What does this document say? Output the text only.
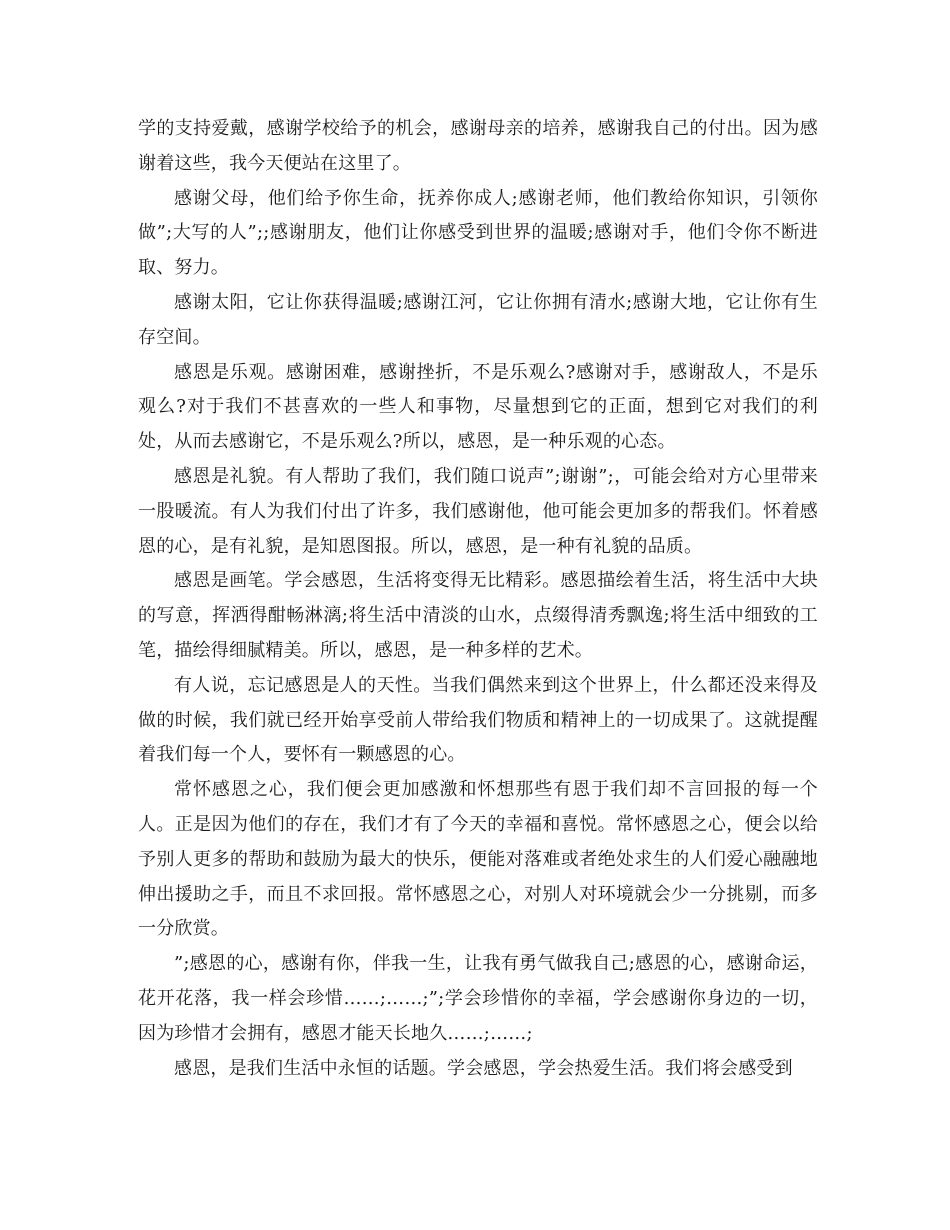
学的支持爱戴，感谢学校给予的机会，感谢母亲的培养，感谢我自己的付出。因为感谢着这些，我今天便站在这里了。

感谢父母，他们给予你生命，抚养你成人;感谢老师，他们教给你知识，引领你做”;大写的人”;;感谢朋友，他们让你感受到世界的温暖;感谢对手，他们令你不断进取、努力。

感谢太阳，它让你获得温暖;感谢江河，它让你拥有清水;感谢大地，它让你有生存空间。

感恩是乐观。感谢困难，感谢挫折，不是乐观么?感谢对手，感谢敌人，不是乐观么?对于我们不甚喜欢的一些人和事物，尽量想到它的正面，想到它对我们的利处，从而去感谢它，不是乐观么?所以，感恩，是一种乐观的心态。

感恩是礼貌。有人帮助了我们，我们随口说声”;谢谢”;，可能会给对方心里带来一股暖流。有人为我们付出了许多，我们感谢他，他可能会更加多的帮我们。怀着感恩的心，是有礼貌，是知恩图报。所以，感恩，是一种有礼貌的品质。

感恩是画笔。学会感恩，生活将变得无比精彩。感恩描绘着生活，将生活中大块的写意，挥洒得酣畅淋漓;将生活中清淡的山水，点缀得清秀飘逸;将生活中细致的工笔，描绘得细腻精美。所以，感恩，是一种多样的艺术。

有人说，忘记感恩是人的天性。当我们偶然来到这个世界上，什么都还没来得及做的时候，我们就已经开始享受前人带给我们物质和精神上的一切成果了。这就提醒着我们每一个人，要怀有一颗感恩的心。

常怀感恩之心，我们便会更加感激和怀想那些有恩于我们却不言回报的每一个人。正是因为他们的存在，我们才有了今天的幸福和喜悦。常怀感恩之心，便会以给予别人更多的帮助和鼓励为最大的快乐，便能对落难或者绝处求生的人们爱心融融地伸出援助之手，而且不求回报。常怀感恩之心，对别人对环境就会少一分挑剔，而多一分欣赏。

”;感恩的心，感谢有你，伴我一生，让我有勇气做我自己;感恩的心，感谢命运，花开花落，我一样会珍惜……;……;”;学会珍惜你的幸福，学会感谢你身边的一切，因为珍惜才会拥有，感恩才能天长地久……;……;

感恩，是我们生活中永恒的话题。学会感恩，学会热爱生活。我们将会感受到
